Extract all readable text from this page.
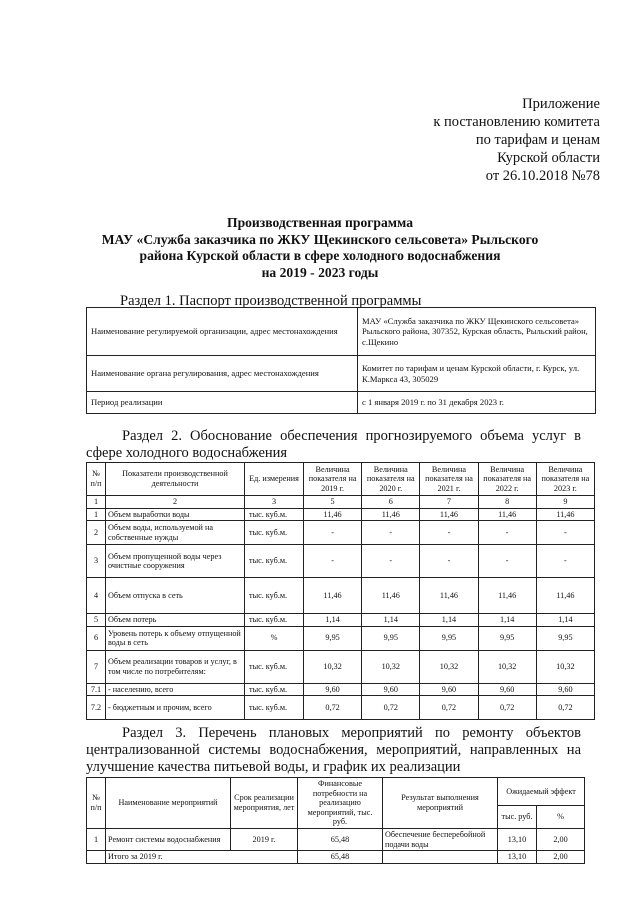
Приложение
к постановлению комитета
по тарифам и ценам
Курской области
от 26.10.2018 №78
Производственная программа
МАУ «Служба заказчика по ЖКУ Щекинского сельсовета» Рыльского
района Курской области в сфере холодного водоснабжения
на 2019 - 2023 годы
Раздел 1. Паспорт производственной программы
Наименование регулируемой организации, адрес местонахождения	МАУ «Служба заказчика по ЖКУ Щекинского сельсовета» Рыльского района, 307352, Курская область, Рыльский район, с.Щекино
Наименование органа регулирования, адрес местонахождения	Комитет по тарифам и ценам Курской области, г. Курск, ул. К.Маркса 43, 305029
Период реализации	с 1 января 2019 г. по 31 декабря 2023 г.
Раздел 2. Обоснование обеспечения прогнозируемого объема услуг в сфере холодного водоснабжения
№ п/п	Показатели производственной деятельности	Ед. измерения	Величина показателя на 2019 г.	Величина показателя на 2020 г.	Величина показателя на 2021 г.	Величина показателя на 2022 г.	Величина показателя на 2023 г.
1	2	3	5	6	7	8	9
1	Объем выработки воды	тыс. куб.м.	11,46	11,46	11,46	11,46	11,46
2	Объем воды, используемой на собственные нужды	тыс. куб.м.	-	-	-	-	-
3	Объем пропущенной воды через очистные сооружения	тыс. куб.м.	-	-	-	-	-
4	Объем отпуска в сеть	тыс. куб.м.	11,46	11,46	11,46	11,46	11,46
5	Объем потерь	тыс. куб.м.	1,14	1,14	1,14	1,14	1,14
6	Уровень потерь к объему отпущенной воды в сеть	%	9,95	9,95	9,95	9,95	9,95
7	Объем реализации товаров и услуг, в том числе по потребителям:	тыс. куб.м.	10,32	10,32	10,32	10,32	10,32
7.1	- населению, всего	тыс. куб.м.	9,60	9,60	9,60	9,60	9,60
7.2	- бюджетным и прочим, всего	тыс. куб.м.	0,72	0,72	0,72	0,72	0,72
Раздел 3. Перечень плановых мероприятий по ремонту объектов централизованной системы водоснабжения, мероприятий, направленных на улучшение качества питьевой воды, и график их реализации
№ п/п	Наименование мероприятий	Срок реализации мероприятия, лет	Финансовые потребности на реализацию мероприятий, тыс. руб.	Результат выполнения мероприятий	Ожидаемый эффект	
					тыс. руб.	%
1	Ремонт системы водоснабжения	2019 г.	65,48	Обеспечение бесперебойной подачи воды	13,10	2,00
	Итого за 2019 г.		65,48		13,10	2,00
